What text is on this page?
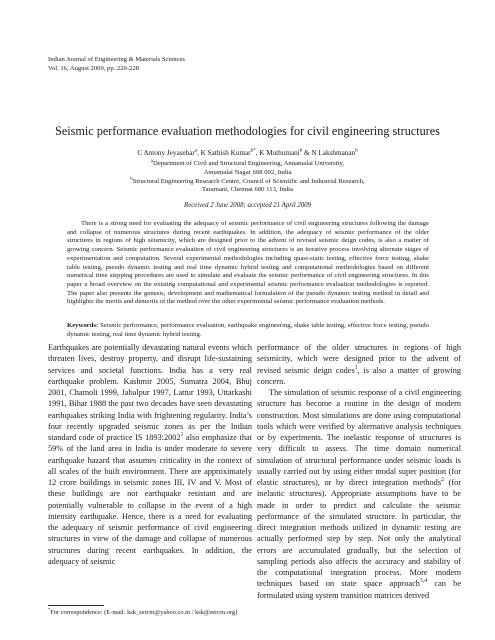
Indian Journal of Engineering & Materials Sciences
Vol. 16, August 2009, pp. 220-228
Seismic performance evaluation methodologies for civil engineering structures
C Antony Jeyasehar$^a$, K Sathish Kumar$^{b*}$, K Muthumani$^b$ & N Lakshmanan$^b$
$^a$Department of Civil and Structural Engineering, Annamalai University,
Annamalai Nagar 608 002, India
$^b$Structural Engineering Research Centre, Council of Scientific and Industrial Research,
Taramani, Chennai 600 113, India
Received 2 June 2008; accepted 21 April 2009

There is a strong need for evaluating the adequacy of seismic performance of civil engineering structures following the damage and collapse of numerous structures during recent earthquakes. In addition, the adequacy of seismic performance of the older structures in regions of high seismicity, which are designed prior to the advent of revised seismic deign codes, is also a matter of growing concern. Seismic performance evaluation of civil engineering structures is an iterative process involving alternate stages of experimentation and computation. Several experimental methodologies including quasi-static testing, effective force testing, shake table testing, pseudo dynamic testing and real time dynamic hybrid testing and computational methodologies based on different numerical time stepping procedures are used to simulate and evaluate the seismic performance of civil engineering structures. In this paper a broad overview on the existing computational and experimental seismic performance evaluation methodologies is reported. The paper also presents the genesis, development and mathematical formulation of the pseudo dynamic testing method in detail and highlights the merits and demerits of the method over the other experimental seismic performance evaluation methods.

Keywords: Seismic performance, performance evaluation, earthquake engineering, shake table testing, effective force testing, pseudo dynamic testing, real time dynamic hybrid testing.

Earthquakes are potentially devastating natural events which threaten lives, destroy property, and disrupt life-sustaining services and societal functions. India has a very real earthquake problem. Kashmir 2005, Sumatra 2004, Bhuj 2001, Chamoli 1999, Jabalpur 1997, Lattur 1993, Uttarkashi 1991, Bihar 1988 the past two decades have seen devastating earthquakes striking India with frightening regularity. India’s four recently upgraded seismic zones as per the Indian standard code of practice IS 1893:2002$^1$ also emphasize that 59% of the land area in India is under moderate to severe earthquake hazard that assumes criticality in the context of all scales of the built environment. There are approximately 12 crore buildings in seismic zones III, IV and V. Most of these buildings are not earthquake resistant and are potentially vulnerable to collapse in the event of a high intensity earthquake. Hence, there is a need for evaluating the adequacy of seismic performance of civil engineering structures in view of the damage and collapse of numerous structures during recent earthquakes. In addition, the adequacy of seismic

performance of the older structures in regions of high seismicity, which were designed prior to the advent of revised seismic deign codes$^1$, is also a matter of growing concern.
The simulation of seismic response of a civil engineering structure has become a routine in the design of modern construction. Most simulations are done using computational tools which were verified by alternative analysis techniques or by experiments. The inelastic response of structures is very difficult to assess. The time domain numerical simulation of structural performance under seismic loads is usually carried out by using either modal super position (for elastic structures), or by direct integration methods$^2$ (for inelastic structures). Appropriate assumptions have to be made in order to predict and calculate the seismic performance of the simulated structure. In particular, the direct integration methods utilized in dynamic testing are actually performed step by step. Not only the analytical errors are accumulated gradually, but the selection of sampling periods also affects the accuracy and stability of the computational integration process. More modern techniques based on state space approach$^{3,4}$ can be formulated using system transition matrices derived
*For correspondence: (E-mail: ksk_sercm@yahoo.co.in / ksk@sercm.org)
